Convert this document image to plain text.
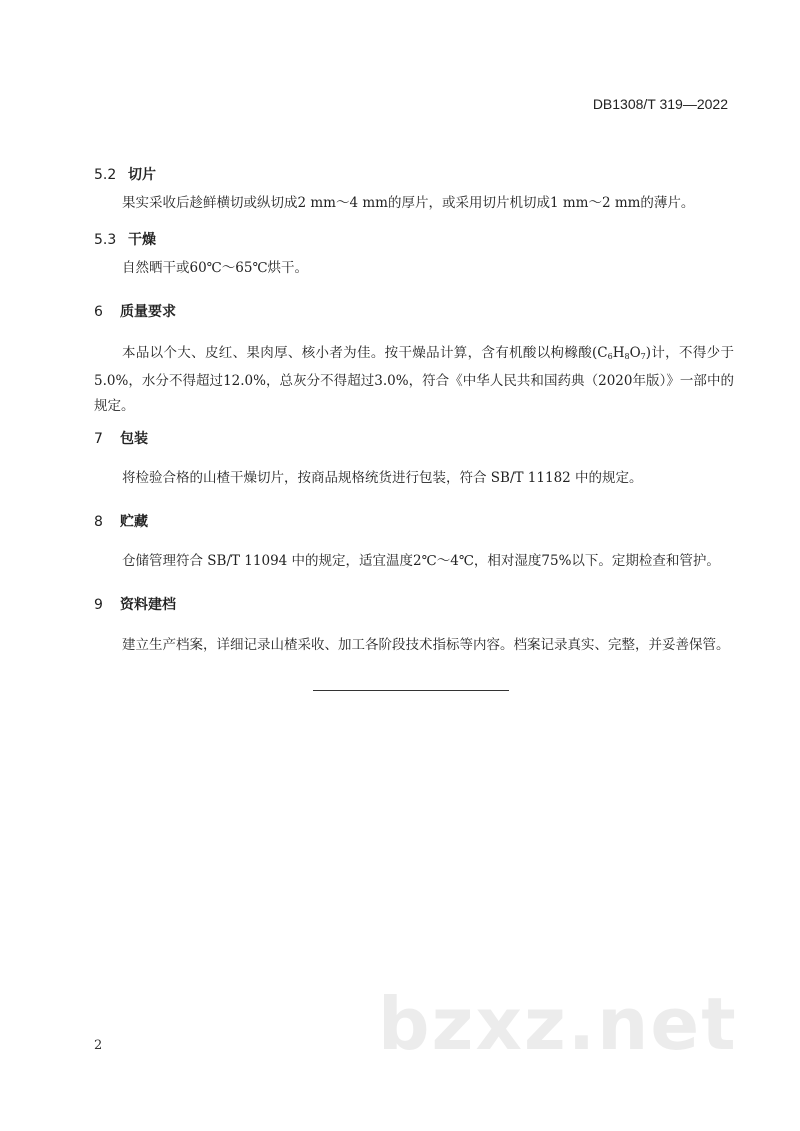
DB1308/T 319—2022
5.2 切片
果实采收后趁鲜横切或纵切成2 mm～4 mm的厚片，或采用切片机切成1 mm～2 mm的薄片。
5.3 干燥
自然晒干或60℃～65℃烘干。
6 质量要求
本品以个大、皮红、果肉厚、核小者为佳。按干燥品计算，含有机酸以枸橼酸$(C_6H_8O_7)$计，不得少于5.0%，水分不得超过12.0%，总灰分不得超过3.0%，符合《中华人民共和国药典（2020年版）》一部中的规定。
7 包装
将检验合格的山楂干燥切片，按商品规格统货进行包装，符合 SB/T 11182 中的规定。
8 贮藏
仓储管理符合 SB/T 11094 中的规定，适宜温度2℃～4℃，相对湿度75%以下。定期检查和管护。
9 资料建档
建立生产档案，详细记录山楂采收、加工各阶段技术指标等内容。档案记录真实、完整，并妥善保管。
2	bzxz.net
